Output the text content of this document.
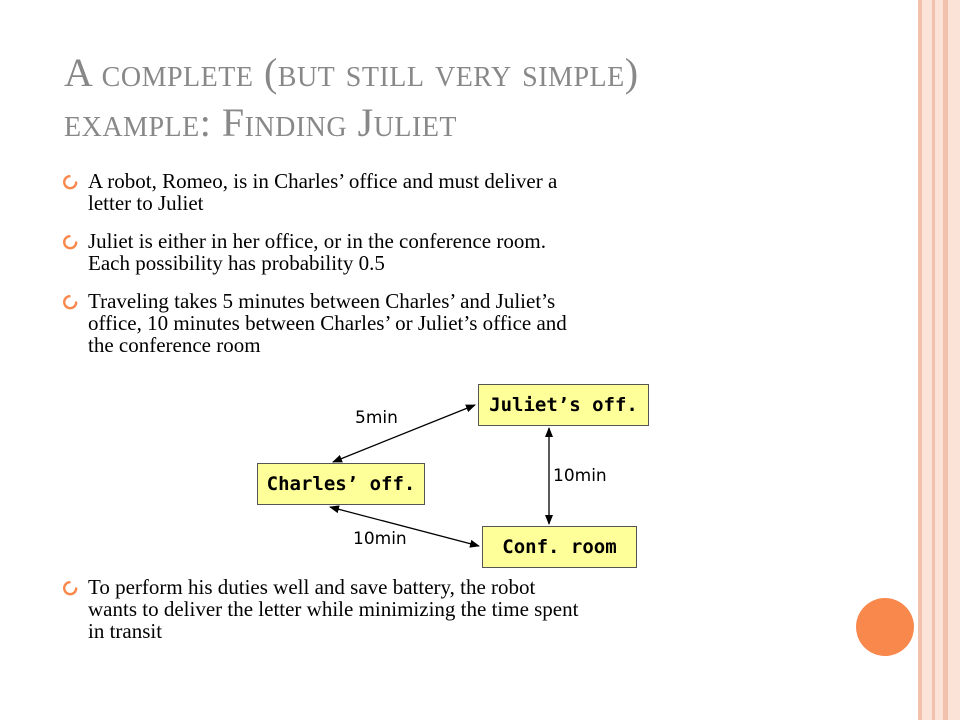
A complete (but still very simple)
example: Finding Juliet
A robot, Romeo, is in Charles’ office and must deliver a
letter to Juliet
Juliet is either in her office, or in the conference room.
Each possibility has probability 0.5
Traveling takes 5 minutes between Charles’ and Juliet’s
office, 10 minutes between Charles’ or Juliet’s office and
the conference room
Juliet’s off.
Charles’ off.
Conf. room
5min
10min
10min
To perform his duties well and save battery, the robot
wants to deliver the letter while minimizing the time spent
in transit
